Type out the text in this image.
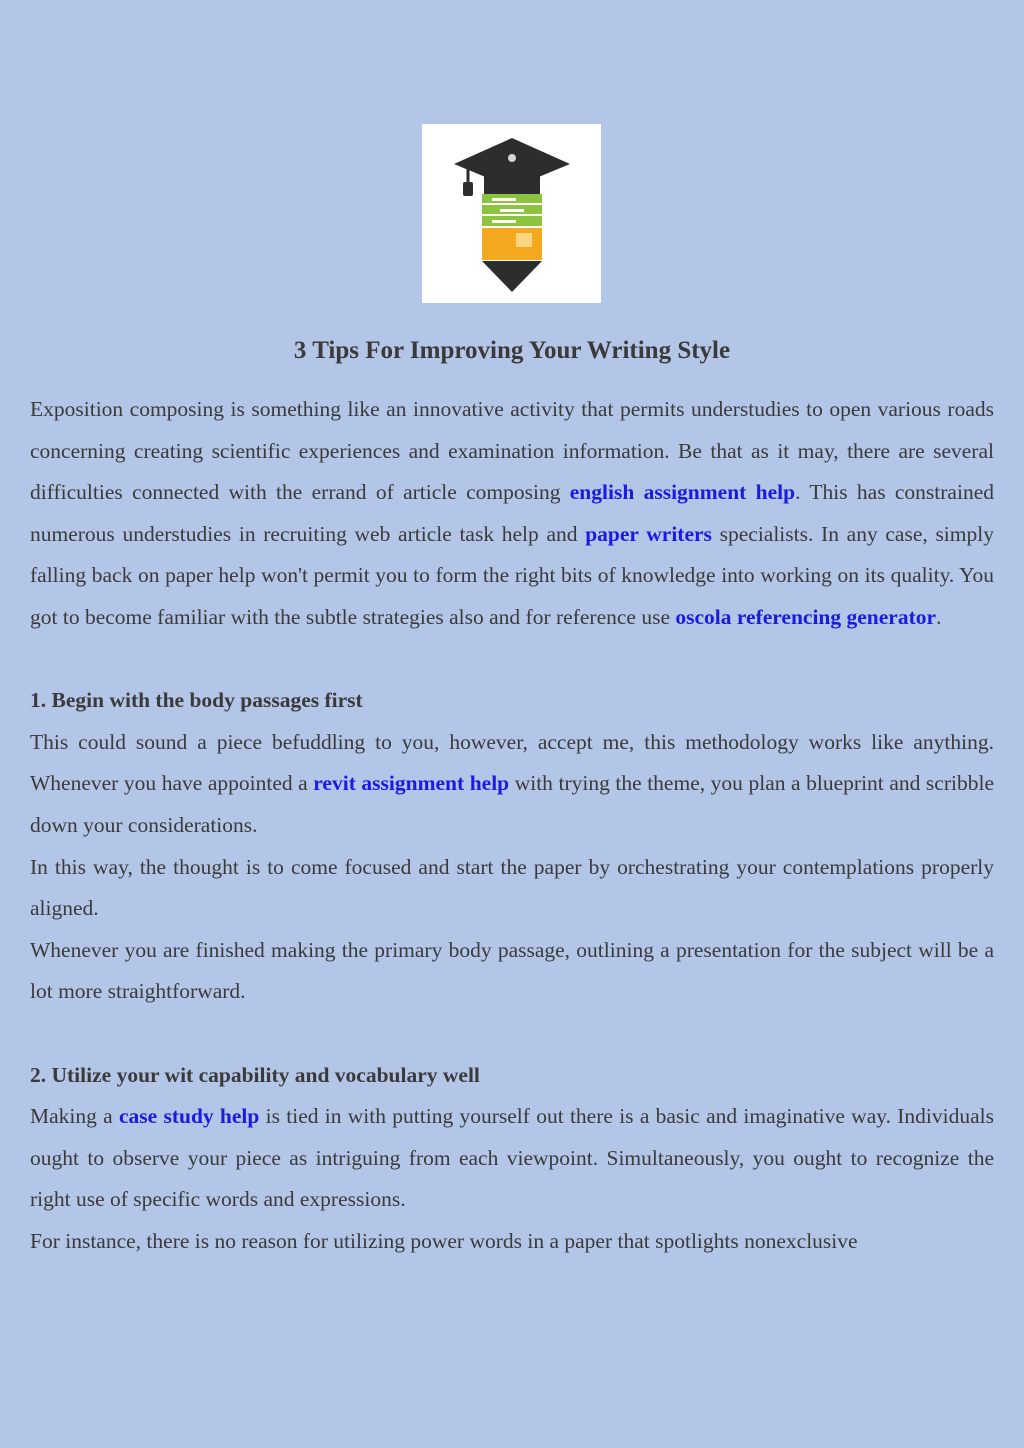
3 Tips For Improving Your Writing Style

Exposition composing is something like an innovative activity that permits understudies to open various roads concerning creating scientific experiences and examination information. Be that as it may, there are several difficulties connected with the errand of article composing english assignment help. This has constrained numerous understudies in recruiting web article task help and paper writers specialists. In any case, simply falling back on paper help won't permit you to form the right bits of knowledge into working on its quality. You got to become familiar with the subtle strategies also and for reference use oscola referencing generator.

1. Begin with the body passages first

This could sound a piece befuddling to you, however, accept me, this methodology works like anything. Whenever you have appointed a revit assignment help with trying the theme, you plan a blueprint and scribble down your considerations.

In this way, the thought is to come focused and start the paper by orchestrating your contemplations properly aligned.

Whenever you are finished making the primary body passage, outlining a presentation for the subject will be a lot more straightforward.

2. Utilize your wit capability and vocabulary well

Making a case study help is tied in with putting yourself out there is a basic and imaginative way. Individuals ought to observe your piece as intriguing from each viewpoint. Simultaneously, you ought to recognize the right use of specific words and expressions.

For instance, there is no reason for utilizing power words in a paper that spotlights nonexclusive
